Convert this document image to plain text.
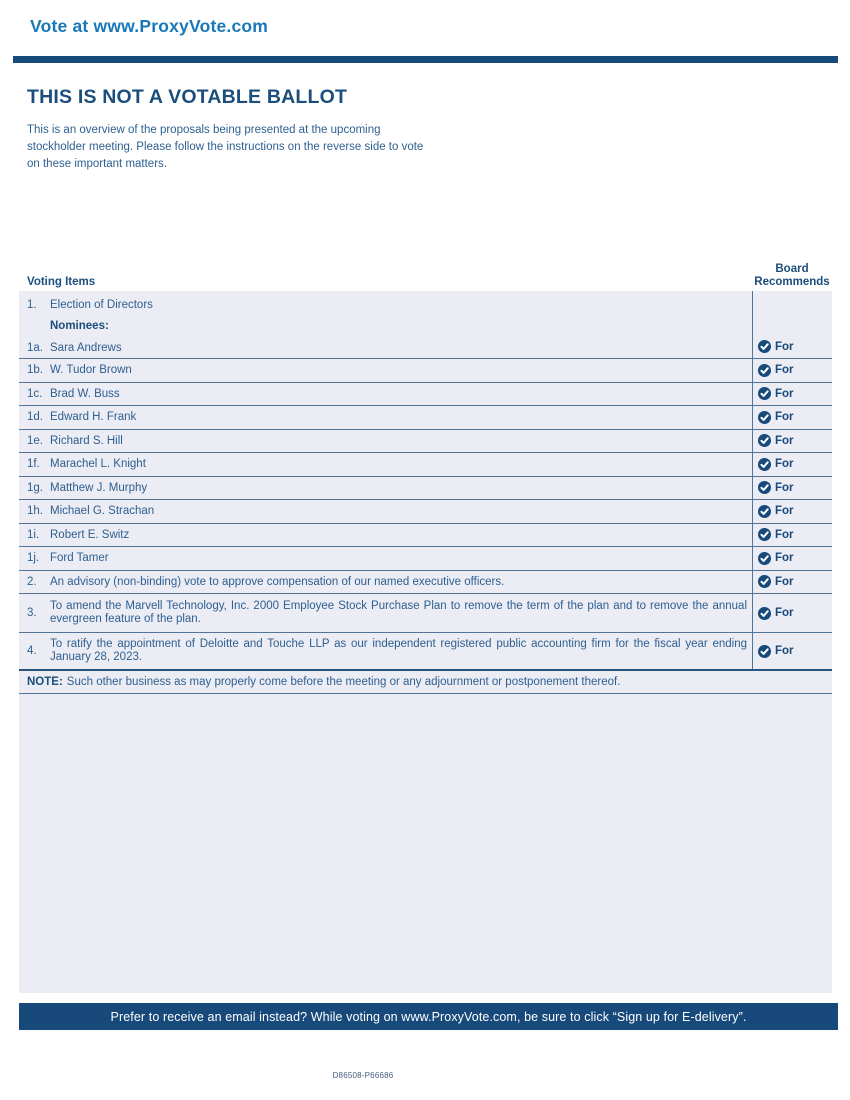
Vote at www.ProxyVote.com
THIS IS NOT A VOTABLE BALLOT
This is an overview of the proposals being presented at the upcoming stockholder meeting. Please follow the instructions on the reverse side to vote on these important matters.
Voting Items
Board Recommends
1.	Election of Directors
Nominees:
1a. Sara Andrews	For
1b. W. Tudor Brown	For
1c. Brad W. Buss	For
1d. Edward H. Frank	For
1e. Richard S. Hill	For
1f. Marachel L. Knight	For
1g. Matthew J. Murphy	For
1h. Michael G. Strachan	For
1i. Robert E. Switz	For
1j. Ford Tamer	For
2.	An advisory (non-binding) vote to approve compensation of our named executive officers.	For
3.
To amend the Marvell Technology, Inc. 2000 Employee Stock Purchase Plan to remove the term of the plan and to remove the annual evergreen feature of the plan.	For
4.
To ratify the appointment of Deloitte and Touche LLP as our independent registered public accounting firm for the fiscal year ending January 28, 2023.	For
NOTE: Such other business as may properly come before the meeting or any adjournment or postponement thereof.
Prefer to receive an email instead? While voting on www.ProxyVote.com, be sure to click “Sign up for E-delivery”.
D86508-P66686
